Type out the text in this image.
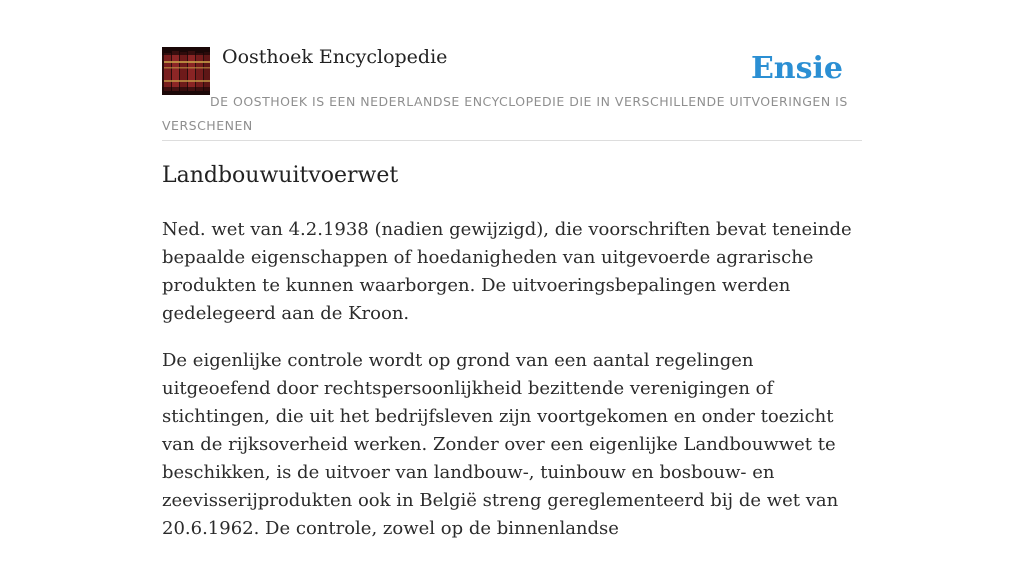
Oosthoek Encyclopedie	Ensie
DE OOSTHOEK IS EEN NEDERLANDSE ENCYCLOPEDIE DIE IN VERSCHILLENDE UITVOERINGEN IS VERSCHENEN
Landbouwuitvoerwet

Ned. wet van 4.2.1938 (nadien gewijzigd), die voorschriften bevat teneinde bepaalde eigenschappen of hoedanigheden van uitgevoerde agrarische produkten te kunnen waarborgen. De uitvoeringsbepalingen werden gedelegeerd aan de Kroon.

De eigenlijke controle wordt op grond van een aantal regelingen uitgeoefend door rechtspersoonlijkheid bezittende verenigingen of stichtingen, die uit het bedrijfsleven zijn voortgekomen en onder toezicht van de rijksoverheid werken. Zonder over een eigenlijke Landbouwwet te beschikken, is de uitvoer van landbouw-, tuinbouw en bosbouw- en zeevisserijprodukten ook in België streng gereglementeerd bij de wet van 20.6.1962. De controle, zowel op de binnenlandse
